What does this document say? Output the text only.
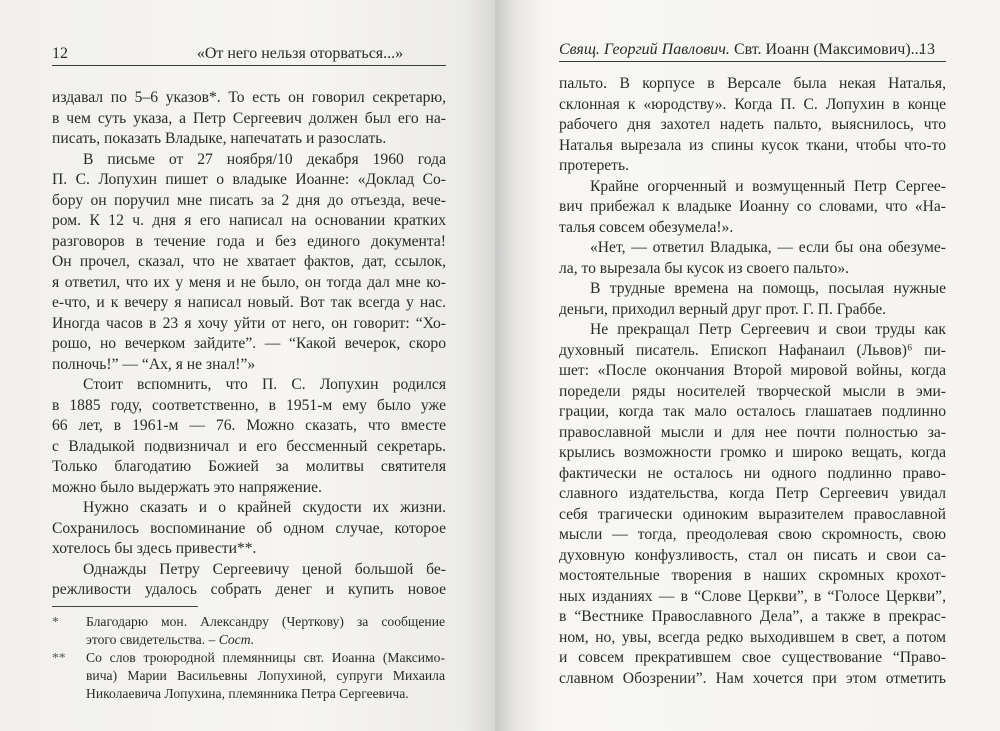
12	«От него нельзя оторваться...»
издавал по 5–6 указов*. То есть он говорил секретарю,
в чем суть указа, а Петр Сергеевич должен был его на-
писать, показать Владыке, напечатать и разослать.
В письме от 27 ноября/10 декабря 1960 года
П. С. Лопухин пишет о владыке Иоанне: «Доклад Со-
бору он поручил мне писать за 2 дня до отъезда, вече-
ром. К 12 ч. дня я его написал на основании кратких
разговоров в течение года и без единого документа!
Он прочел, сказал, что не хватает фактов, дат, ссылок,
я ответил, что их у меня и не было, он тогда дал мне ко-
е-что, и к вечеру я написал новый. Вот так всегда у нас.
Иногда часов в 23 я хочу уйти от него, он говорит: “Хо-
рошо, но вечерком зайдите”. — “Какой вечерок, скоро
полночь!” — “Ах, я не знал!”»
Стоит вспомнить, что П. С. Лопухин родился
в 1885 году, соответственно, в 1951-м ему было уже
66 лет, в 1961-м — 76. Можно сказать, что вместе
с Владыкой подвизничал и его бессменный секретарь.
Только благодатию Божией за молитвы святителя
можно было выдержать это напряжение.
Нужно сказать и о крайней скудости их жизни.
Сохранилось воспоминание об одном случае, которое
хотелось бы здесь привести**.
Однажды Петру Сергеевичу ценой большой бе-
режливости удалось собрать денег и купить новое
*	Благодарю мон. Александру (Черткову) за сообщение
этого свидетельства. – Сост.
**	Со слов троюродной племянницы свт. Иоанна (Максимо-
вича) Марии Васильевны Лопухиной, супруги Михаила
Николаевича Лопухина, племянника Петра Сергеевича.
Свящ. Георгий Павлович. Свт. Иоанн (Максимович)...
13
пальто. В корпусе в Версале была некая Наталья,
склонная к «юродству». Когда П. С. Лопухин в конце
рабочего дня захотел надеть пальто, выяснилось, что
Наталья вырезала из спины кусок ткани, чтобы что-то
протереть.
Крайне огорченный и возмущенный Петр Сергее-
вич прибежал к владыке Иоанну со словами, что «На-
талья совсем обезумела!».
«Нет, — ответил Владыка, — если бы она обезуме-
ла, то вырезала бы кусок из своего пальто».
В трудные времена на помощь, посылая нужные
деньги, приходил верный друг прот. Г. П. Граббе.
Не прекращал Петр Сергеевич и свои труды как
духовный писатель. Епископ Нафанаил (Львов)⁶ пи-
шет: «После окончания Второй мировой войны, когда
поредели ряды носителей творческой мысли в эми-
грации, когда так мало осталось глашатаев подлинно
православной мысли и для нее почти полностью за-
крылись возможности громко и широко вещать, когда
фактически не осталось ни одного подлинно право-
славного издательства, когда Петр Сергеевич увидал
себя трагически одиноким выразителем православной
мысли — тогда, преодолевая свою скромность, свою
духовную конфузливость, стал он писать и свои са-
мостоятельные творения в наших скромных крохот-
ных изданиях — в “Слове Церкви”, в “Голосе Церкви”,
в “Вестнике Православного Дела”, а также в прекрас-
ном, но, увы, всегда редко выходившем в свет, а потом
и совсем прекратившем свое существование “Право-
славном Обозрении”. Нам хочется при этом отметить
